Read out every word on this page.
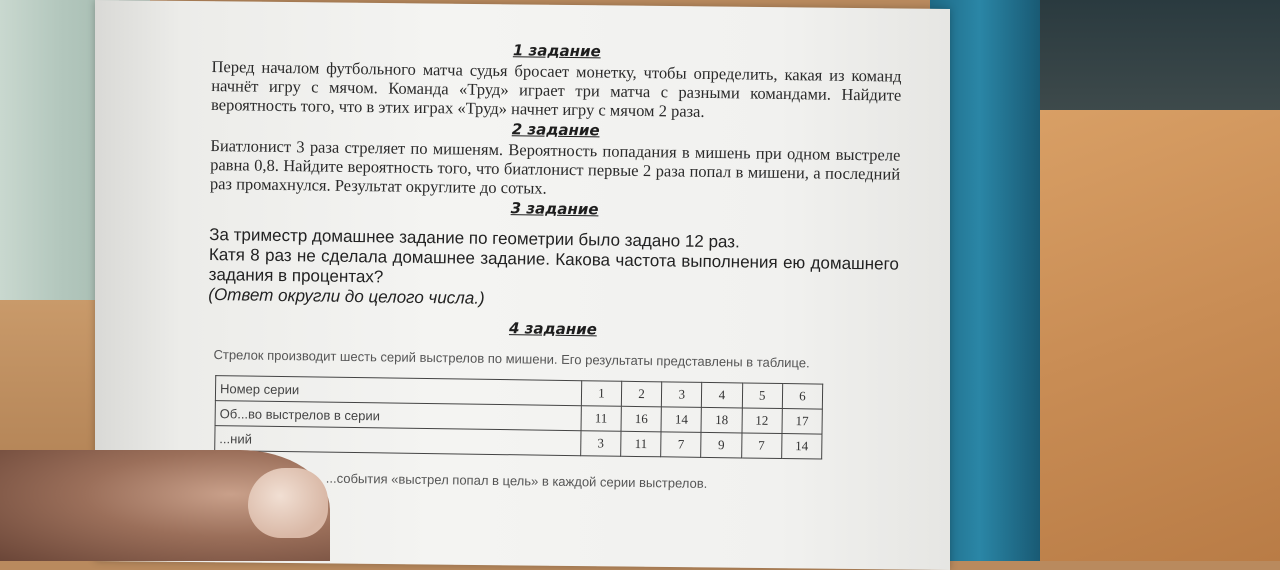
1 задание

Перед началом футбольного матча судья бросает монетку, чтобы определить, какая из команд начнёт игру с мячом. Команда «Труд» играет три матча с разными командами. Найдите вероятность того, что в этих играх «Труд» начнет игру с мячом 2 раза.

2 задание

Биатлонист 3 раза стреляет по мишеням. Вероятность попадания в мишень при одном выстреле равна 0,8. Найдите вероятность того, что биатлонист первые 2 раза попал в мишени, а последний раз промахнулся. Результат округлите до сотых.

3 задание

За триместр домашнее задание по геометрии было задано 12 раз.

Катя 8 раз не сделала домашнее задание. Какова частота выполнения ею домашнего задания в процентах?

(Ответ округли до целого числа.)

4 задание

Стрелок производит шесть серий выстрелов по мишени. Его результаты представлены в таблице.

Номер серии	1	2	3	4	5	6
Об...во выстрелов в серии	11	16	14	18	12	17
...ний	3	11	7	9	7	14

...события «выстрел попал в цель» в каждой серии выстрелов.
